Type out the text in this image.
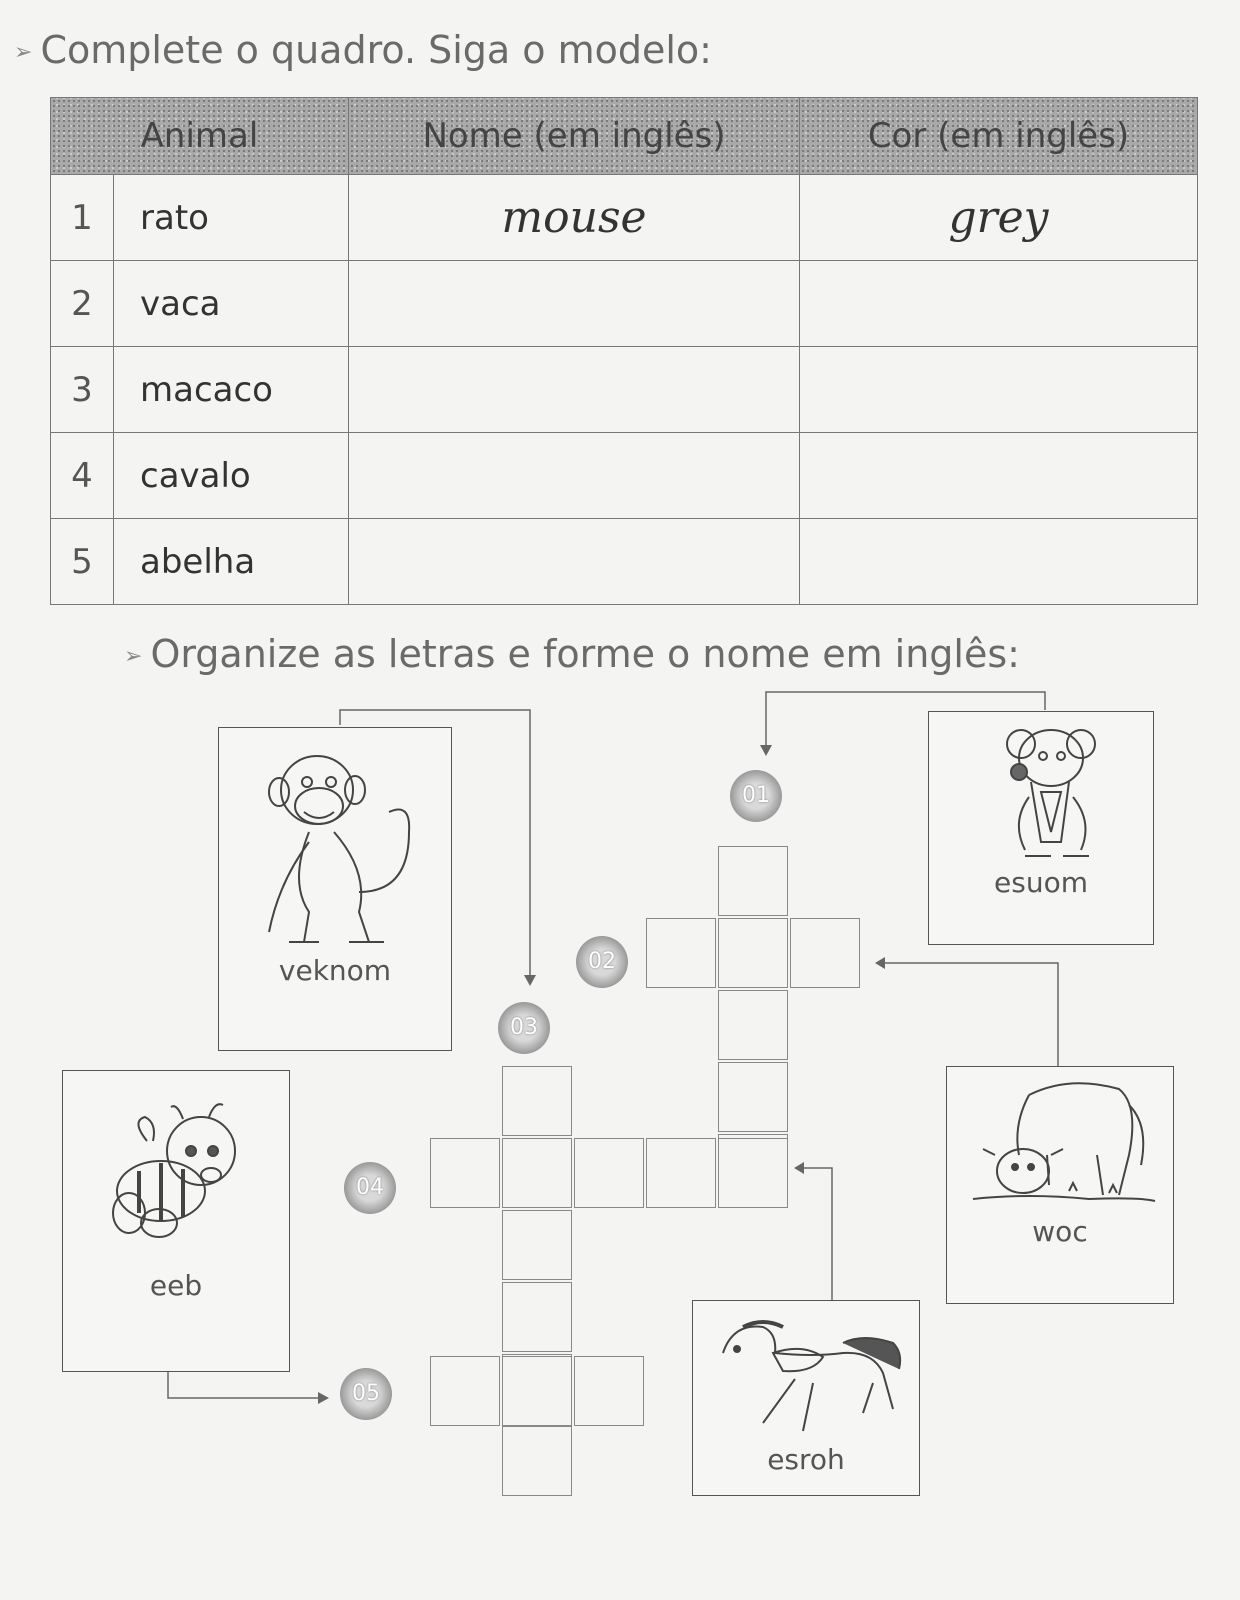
➢ Complete o quadro. Siga o modelo:
Animal		Nome (em inglês)	Cor (em inglês)
1	rato	mouse	grey
2	vaca		
3	macaco		
4	cavalo		
5	abelha		
➢ Organize as letras e forme o nome em inglês:
veknom
esuom
eeb
woc
esroh
01
02
03
04
05
